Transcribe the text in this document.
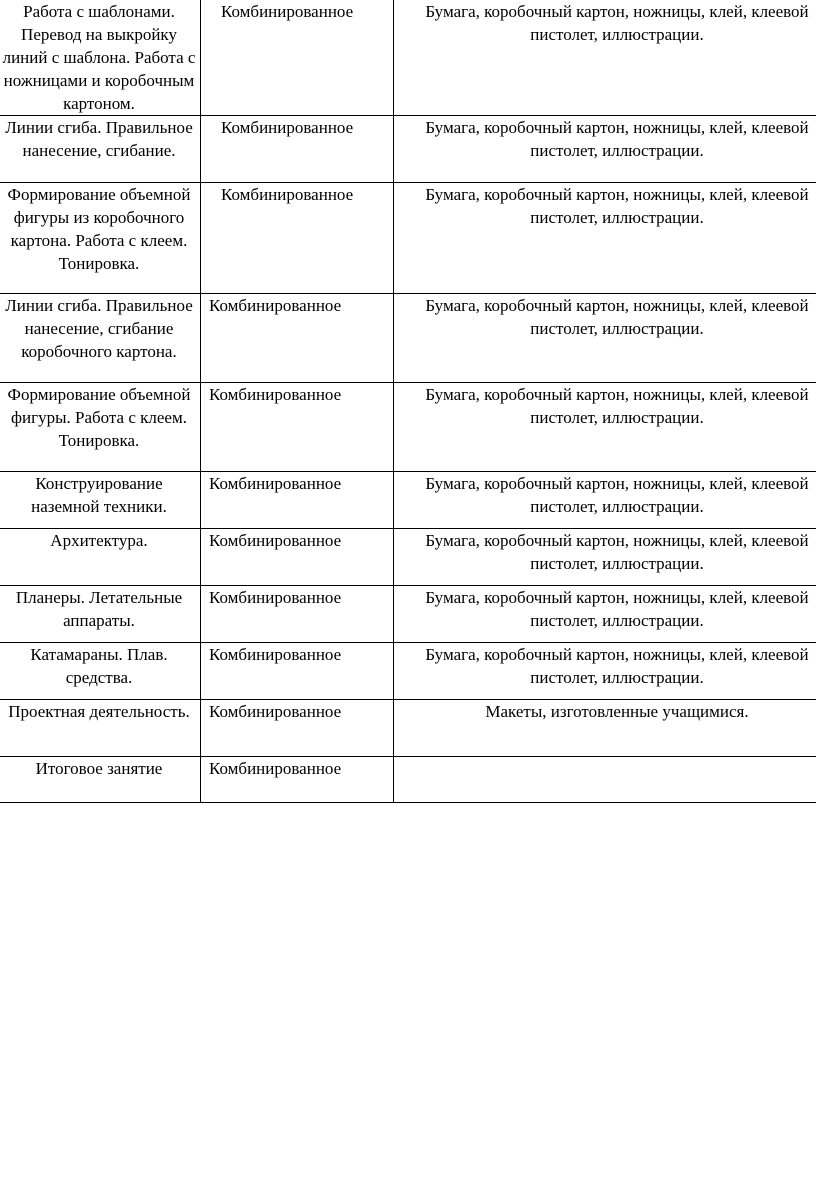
Работа с шаблонами. Перевод на выкройку линий с шаблона. Работа с ножницами и коробочным картоном.	Комбинированное	Бумага, коробочный картон, ножницы, клей, клеевой пистолет, иллюстрации.

Линии сгиба. Правильное нанесение, сгибание.	Комбинированное	Бумага, коробочный картон, ножницы, клей, клеевой пистолет, иллюстрации.

Формирование объемной фигуры из коробочного картона. Работа с клеем. Тонировка.	Комбинированное	Бумага, коробочный картон, ножницы, клей, клеевой пистолет, иллюстрации.

Линии сгиба. Правильное нанесение, сгибание коробочного картона.	Комбинированное	Бумага, коробочный картон, ножницы, клей, клеевой пистолет, иллюстрации.

Формирование объемной фигуры. Работа с клеем. Тонировка.	Комбинированное	Бумага, коробочный картон, ножницы, клей, клеевой пистолет, иллюстрации.

Конструирование наземной техники.	Комбинированное	Бумага, коробочный картон, ножницы, клей, клеевой пистолет, иллюстрации.

Архитектура.	Комбинированное	Бумага, коробочный картон, ножницы, клей, клеевой пистолет, иллюстрации.

Планеры. Летательные аппараты.	Комбинированное	Бумага, коробочный картон, ножницы, клей, клеевой пистолет, иллюстрации.

Катамараны. Плав. средства.	Комбинированное	Бумага, коробочный картон, ножницы, клей, клеевой пистолет, иллюстрации.

Проектная деятельность.	Комбинированное	Макеты, изготовленные учащимися.

Итоговое занятие	Комбинированное	
